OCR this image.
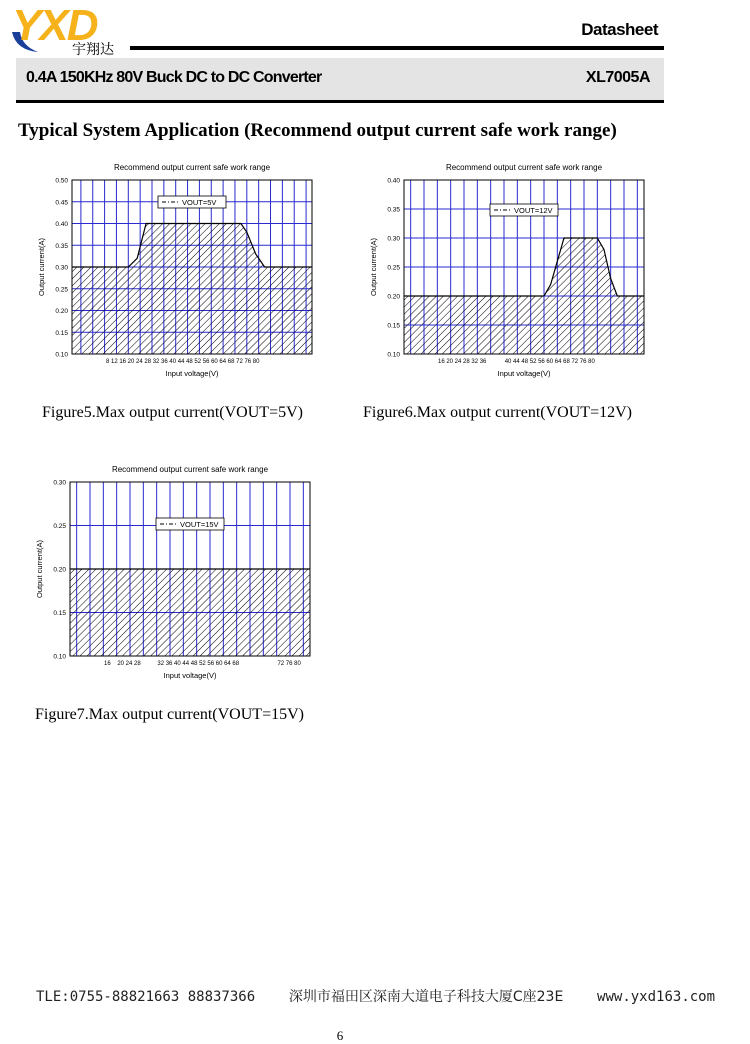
YXD
宇翔达
Datasheet
0.4A 150KHz 80V Buck DC to DC Converter	XL7005A
Typical System Application (Recommend output current safe work range)
Recommend output current safe work range
0.10
0.15
0.20
0.25
0.30
0.35
0.40
0.45
0.50
8 12 16 20 24 28 32 36 40 44 48 52 56 60 64 68 72 76 80
Input voltage(V)
Output current(A)
VOUT=5V
Figure5.Max output current(VOUT=5V)
Recommend output current safe work range
0.10
0.15
0.20
0.25
0.30
0.35
0.40
16 20 24 28 32 36           40 44 48 52 56 60 64 68 72 76 80
Input voltage(V)
Output current(A)
VOUT=12V
Figure6.Max output current(VOUT=12V)
Recommend output current safe work range
0.10
0.15
0.20
0.25
0.30
16    20 24 28          32 36 40 44 48 52 56 60 64 68                       72 76 80
Input voltage(V)
Output current(A)
VOUT=15V
Figure7.Max output current(VOUT=15V)
TLE:0755-88821663 88837366 深圳市福田区深南大道电子科技大厦C座23E www.yxd163.com
6
